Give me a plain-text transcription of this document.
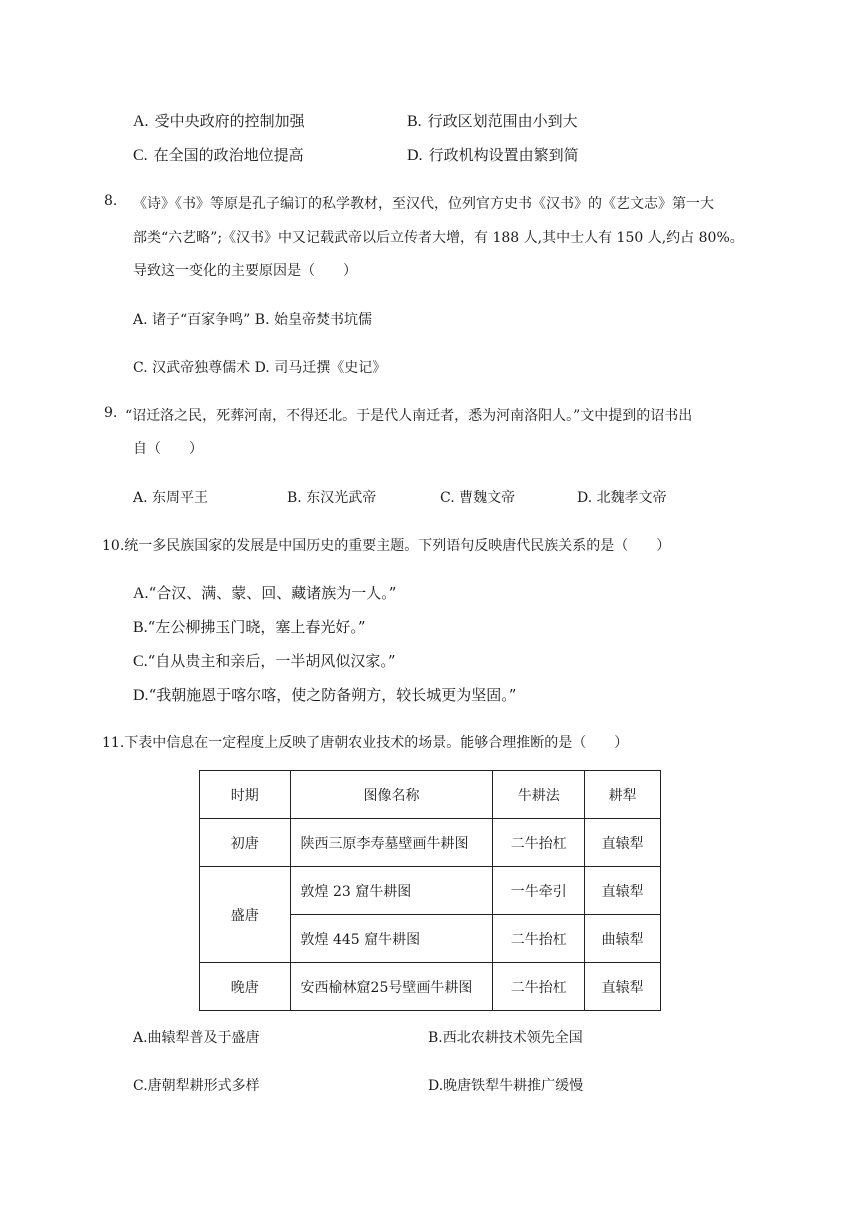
A. 受中央政府的控制加强	B. 行政区划范围由小到大
C. 在全国的政治地位提高	D. 行政机构设置由繁到简
8. 《诗》《书》等原是孔子编订的私学教材，至汉代，位列官方史书《汉书》的《艺文志》第一大
部类“六艺略”;《汉书》中又记载武帝以后立传者大增，有 188 人,其中士人有 150 人,约占 80%。
导致这一变化的主要原因是（　　）
A. 诸子“百家争鸣” B. 始皇帝焚书坑儒
C. 汉武帝独尊儒术 D. 司马迁撰《史记》
9. “诏迁洛之民，死葬河南，不得还北。于是代人南迁者，悉为河南洛阳人。”文中提到的诏书出
自（　　）
A. 东周平王	B. 东汉光武帝	C. 曹魏文帝	D. 北魏孝文帝
10.统一多民族国家的发展是中国历史的重要主题。下列语句反映唐代民族关系的是（　　）
A.“合汉、满、蒙、回、藏诸族为一人。”
B.“左公柳拂玉门晓，塞上春光好。”
C.“自从贵主和亲后，一半胡风似汉家。”
D.“我朝施恩于喀尔喀，使之防备朔方，较长城更为坚固。”
11.下表中信息在一定程度上反映了唐朝农业技术的场景。能够合理推断的是（　　）
时期	图像名称	牛耕法	耕犁
初唐	陕西三原李寿墓壁画牛耕图	二牛抬杠	直辕犁
盛唐	敦煌 23 窟牛耕图	一牛牵引	直辕犁
	敦煌 445 窟牛耕图	二牛抬杠	曲辕犁
晚唐	安西榆林窟25号壁画牛耕图	二牛抬杠	直辕犁
A.曲辕犁普及于盛唐	B.西北农耕技术领先全国
C.唐朝犁耕形式多样	D.晚唐铁犁牛耕推广缓慢
